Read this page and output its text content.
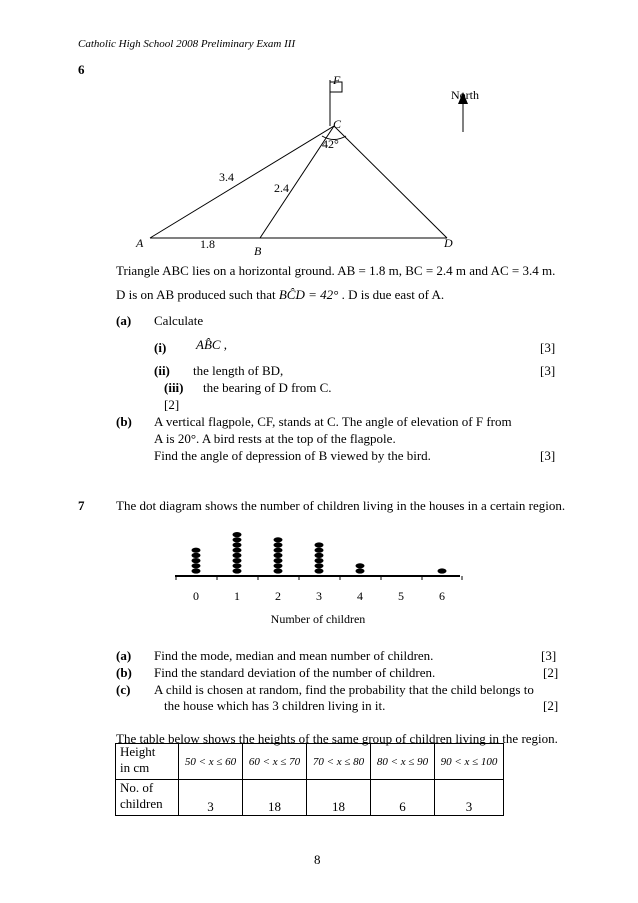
Catholic High School 2008 Preliminary Exam III
6
F
C
42°
North
3.4
2.4
1.8
A
B
D
Triangle ABC lies on a horizontal ground. AB = 1.8 m, BC = 2.4 m and AC = 3.4 m.
D is on AB produced such that BĈD = 42° . D is due east of A.
(a) Calculate
(i) AB̂C ,	[3]
(ii) the length of BD,	[3]
(iii) the bearing of D from C.
[2]
(b) A vertical flagpole, CF, stands at C. The angle of elevation of F from
A is 20°. A bird rests at the top of the flagpole.
Find the angle of depression of B viewed by the bird.	[3]
7 The dot diagram shows the number of children living in the houses in a certain region.
0	1	2	3	4	5	6
Number of children
(a) Find the mode, median and mean number of children.	[3]
(b) Find the standard deviation of the number of children.	[2]
(c) A child is chosen at random, find the probability that the child belongs to
the house which has 3 children living in it.	[2]
The table below shows the heights of the same group of children living in the region.
Height
in cm	50 < x ≤ 60	60 < x ≤ 70	70 < x ≤ 80	80 < x ≤ 90	90 < x ≤ 100

No. of
children	3	18	18	6	3
8
